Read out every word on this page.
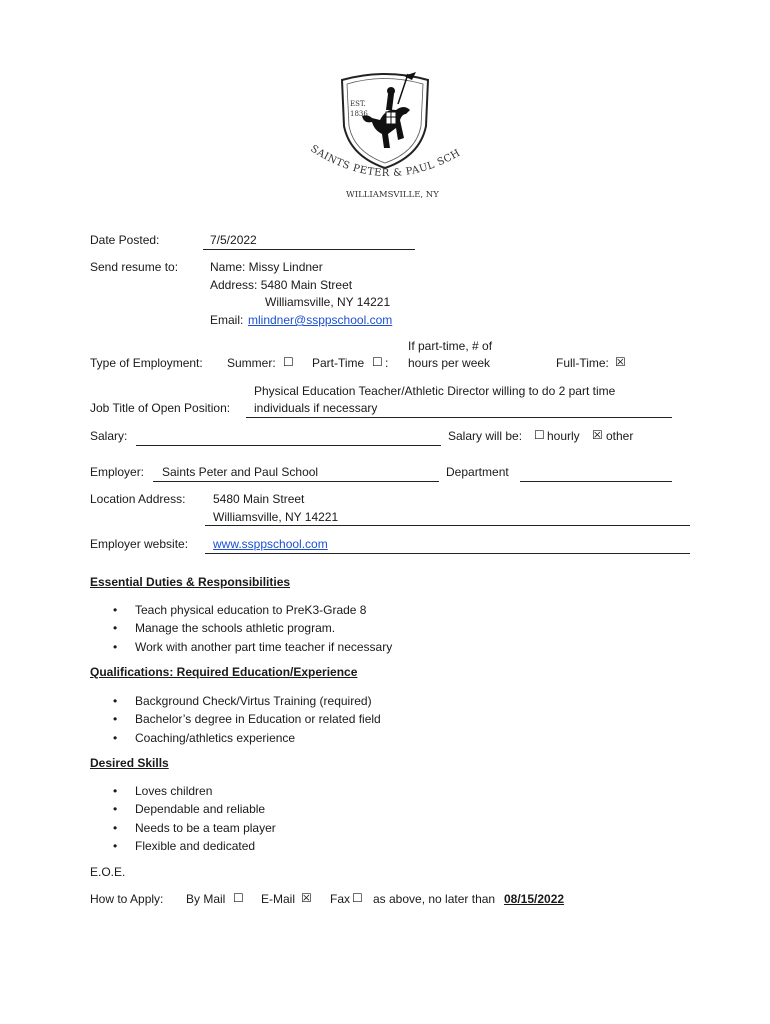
EST.
1836
SAINTS PETER & PAUL SCH
WILLIAMSVILLE, NY
Date Posted:	7/5/2022
Send resume to:	Name: Missy Lindner
Address: 5480 Main Street
Williamsville, NY 14221
Email: mlindner@ssppschool.com
If part-time, # of
Type of Employment: Summer: ☐ Part-Time ☐ : hours per week	Full-Time: ☒
Physical Education Teacher/Athletic Director willing to do 2 part time
Job Title of Open Position: individuals if necessary
Salary:	Salary will be: ☐ hourly ☒ other
Employer: Saints Peter and Paul School	Department
Location Address: 5480 Main Street
Williamsville, NY 14221
Employer website: www.ssppschool.com
Essential Duties & Responsibilities
• Teach physical education to PreK3-Grade 8
• Manage the schools athletic program.
• Work with another part time teacher if necessary
Qualifications: Required Education/Experience
• Background Check/Virtus Training (required)
• Bachelor’s degree in Education or related field
• Coaching/athletics experience
Desired Skills
• Loves children
• Dependable and reliable
• Needs to be a team player
• Flexible and dedicated
E.O.E.
How to Apply: By Mail ☐ E-Mail ☒ Fax ☐ as above, no later than 08/15/2022
